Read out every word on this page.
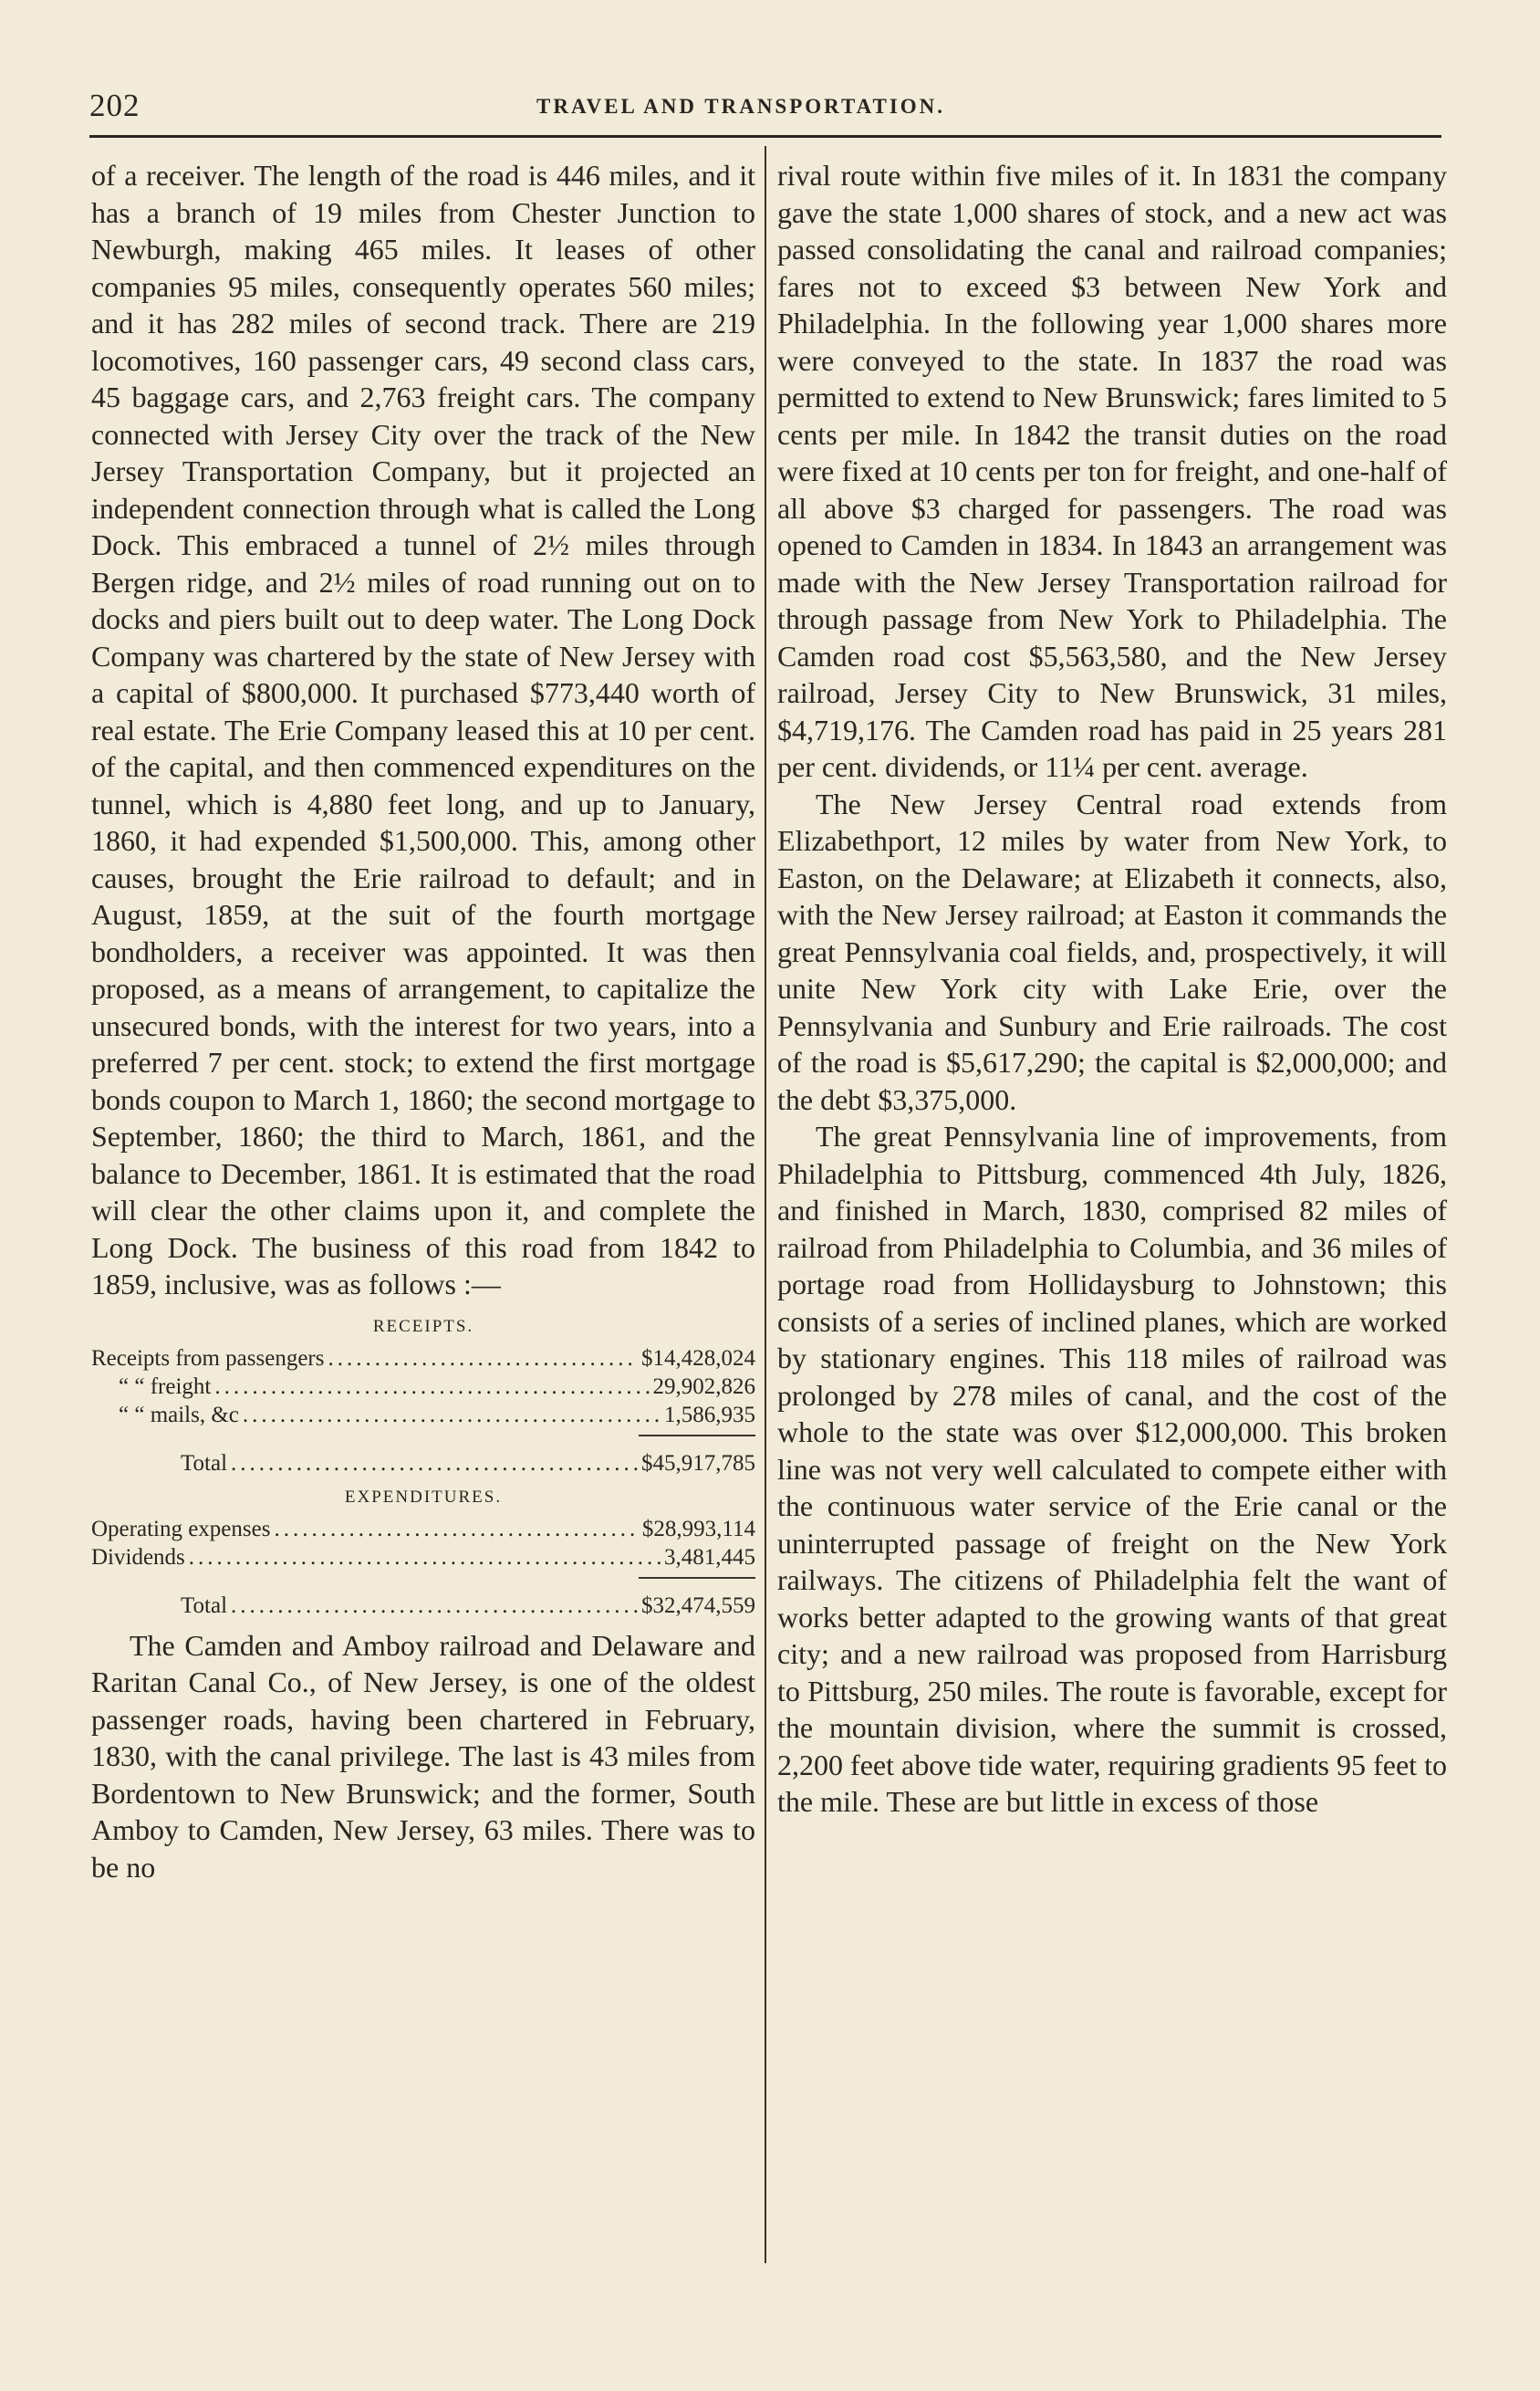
202	TRAVEL AND TRANSPORTATION.

of a receiver. The length of the road is 446 miles, and it has a branch of 19 miles from Chester Junction to Newburgh, making 465 miles. It leases of other companies 95 miles, consequently operates 560 miles; and it has 282 miles of second track. There are 219 locomotives, 160 passenger cars, 49 second class cars, 45 baggage cars, and 2,763 freight cars. The company connected with Jersey City over the track of the New Jersey Transportation Company, but it projected an independent connection through what is called the Long Dock. This embraced a tunnel of 2½ miles through Bergen ridge, and 2½ miles of road running out on to docks and piers built out to deep water. The Long Dock Company was chartered by the state of New Jersey with a capital of $800,000. It purchased $773,440 worth of real estate. The Erie Company leased this at 10 per cent. of the capital, and then commenced expenditures on the tunnel, which is 4,880 feet long, and up to January, 1860, it had expended $1,500,000. This, among other causes, brought the Erie railroad to default; and in August, 1859, at the suit of the fourth mortgage bondholders, a receiver was appointed. It was then proposed, as a means of arrangement, to capitalize the unsecured bonds, with the interest for two years, into a preferred 7 per cent. stock; to extend the first mortgage bonds coupon to March 1, 1860; the second mortgage to September, 1860; the third to March, 1861, and the balance to December, 1861. It is estimated that the road will clear the other claims upon it, and complete the Long Dock. The business of this road from 1842 to 1859, inclusive, was as follows :—

RECEIPTS.
Receipts from passengers .....	$14,428,024
“ “ freight .....	29,902,826
“ “ mails, &c .....	1,586,935
Total .....	$45,917,785
EXPENDITURES.
Operating expenses .....	$28,993,114
Dividends .....	3,481,445
Total .....	$32,474,559

The Camden and Amboy railroad and Delaware and Raritan Canal Co., of New Jersey, is one of the oldest passenger roads, having been chartered in February, 1830, with the canal privilege. The last is 43 miles from Bordentown to New Brunswick; and the former, South Amboy to Camden, New Jersey, 63 miles. There was to be no

rival route within five miles of it. In 1831 the company gave the state 1,000 shares of stock, and a new act was passed consolidating the canal and railroad companies; fares not to exceed $3 between New York and Philadelphia. In the following year 1,000 shares more were conveyed to the state. In 1837 the road was permitted to extend to New Brunswick; fares limited to 5 cents per mile. In 1842 the transit duties on the road were fixed at 10 cents per ton for freight, and one-half of all above $3 charged for passengers. The road was opened to Camden in 1834. In 1843 an arrangement was made with the New Jersey Transportation railroad for through passage from New York to Philadelphia. The Camden road cost $5,563,580, and the New Jersey railroad, Jersey City to New Brunswick, 31 miles, $4,719,176. The Camden road has paid in 25 years 281 per cent. dividends, or 11¼ per cent. average.

The New Jersey Central road extends from Elizabethport, 12 miles by water from New York, to Easton, on the Delaware; at Elizabeth it connects, also, with the New Jersey railroad; at Easton it commands the great Pennsylvania coal fields, and, prospectively, it will unite New York city with Lake Erie, over the Pennsylvania and Sunbury and Erie railroads. The cost of the road is $5,617,290; the capital is $2,000,000; and the debt $3,375,000.

The great Pennsylvania line of improvements, from Philadelphia to Pittsburg, commenced 4th July, 1826, and finished in March, 1830, comprised 82 miles of railroad from Philadelphia to Columbia, and 36 miles of portage road from Hollidaysburg to Johnstown; this consists of a series of inclined planes, which are worked by stationary engines. This 118 miles of railroad was prolonged by 278 miles of canal, and the cost of the whole to the state was over $12,000,000. This broken line was not very well calculated to compete either with the continuous water service of the Erie canal or the uninterrupted passage of freight on the New York railways. The citizens of Philadelphia felt the want of works better adapted to the growing wants of that great city; and a new railroad was proposed from Harrisburg to Pittsburg, 250 miles. The route is favorable, except for the mountain division, where the summit is crossed, 2,200 feet above tide water, requiring gradients 95 feet to the mile. These are but little in excess of those
